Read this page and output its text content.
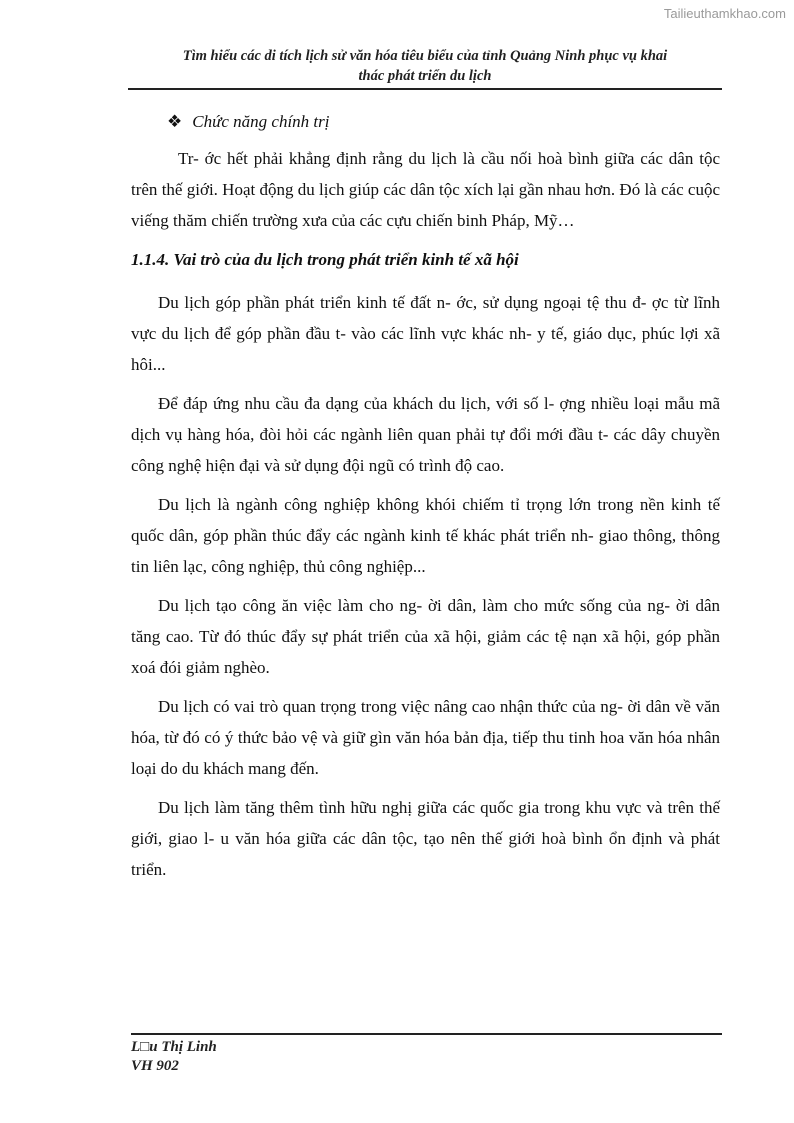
Tailieuthamkhao.com
Tìm hiểu các di tích lịch sử văn hóa tiêu biểu của tỉnh Quảng Ninh phục vụ khai
thác phát triển du lịch
❖ Chức năng chính trị

Tr- ớc hết phải khẳng định rằng du lịch là cầu nối hoà bình giữa các dân tộc trên thế giới. Hoạt động du lịch giúp các dân tộc xích lại gần nhau hơn. Đó là các cuộc viếng thăm chiến trường xưa của các cựu chiến binh Pháp, Mỹ…

1.1.4. Vai trò của du lịch trong phát triển kinh tế xã hội

Du lịch góp phần phát triển kinh tế đất n- ớc, sử dụng ngoại tệ thu đ- ợc từ lĩnh vực du lịch để góp phần đầu t- vào các lĩnh vực khác nh- y tế, giáo dục, phúc lợi xã hôi...

Để đáp ứng nhu cầu đa dạng của khách du lịch, với số l- ợng nhiều loại mẫu mã dịch vụ hàng hóa, đòi hỏi các ngành liên quan phải tự đổi mới đầu t- các dây chuyền công nghệ hiện đại và sử dụng đội ngũ có trình độ cao.

Du lịch là ngành công nghiệp không khói chiếm tỉ trọng lớn trong nền kinh tế quốc dân, góp phần thúc đẩy các ngành kinh tế khác phát triển nh- giao thông, thông tin liên lạc, công nghiệp, thủ công nghiệp...

Du lịch tạo công ăn việc làm cho ng- ời dân, làm cho mức sống của ng- ời dân tăng cao. Từ đó thúc đẩy sự phát triển của xã hội, giảm các tệ nạn xã hội, góp phần xoá đói giảm nghèo.

Du lịch có vai trò quan trọng trong việc nâng cao nhận thức của ng- ời dân về văn hóa, từ đó có ý thức bảo vệ và giữ gìn văn hóa bản địa, tiếp thu tinh hoa văn hóa nhân loại do du khách mang đến.

Du lịch làm tăng thêm tình hữu nghị giữa các quốc gia trong khu vực và trên thế giới, giao l- u văn hóa giữa các dân tộc, tạo nên thế giới hoà bình ổn định và phát triển.

L□u Thị Linh
VH 902
